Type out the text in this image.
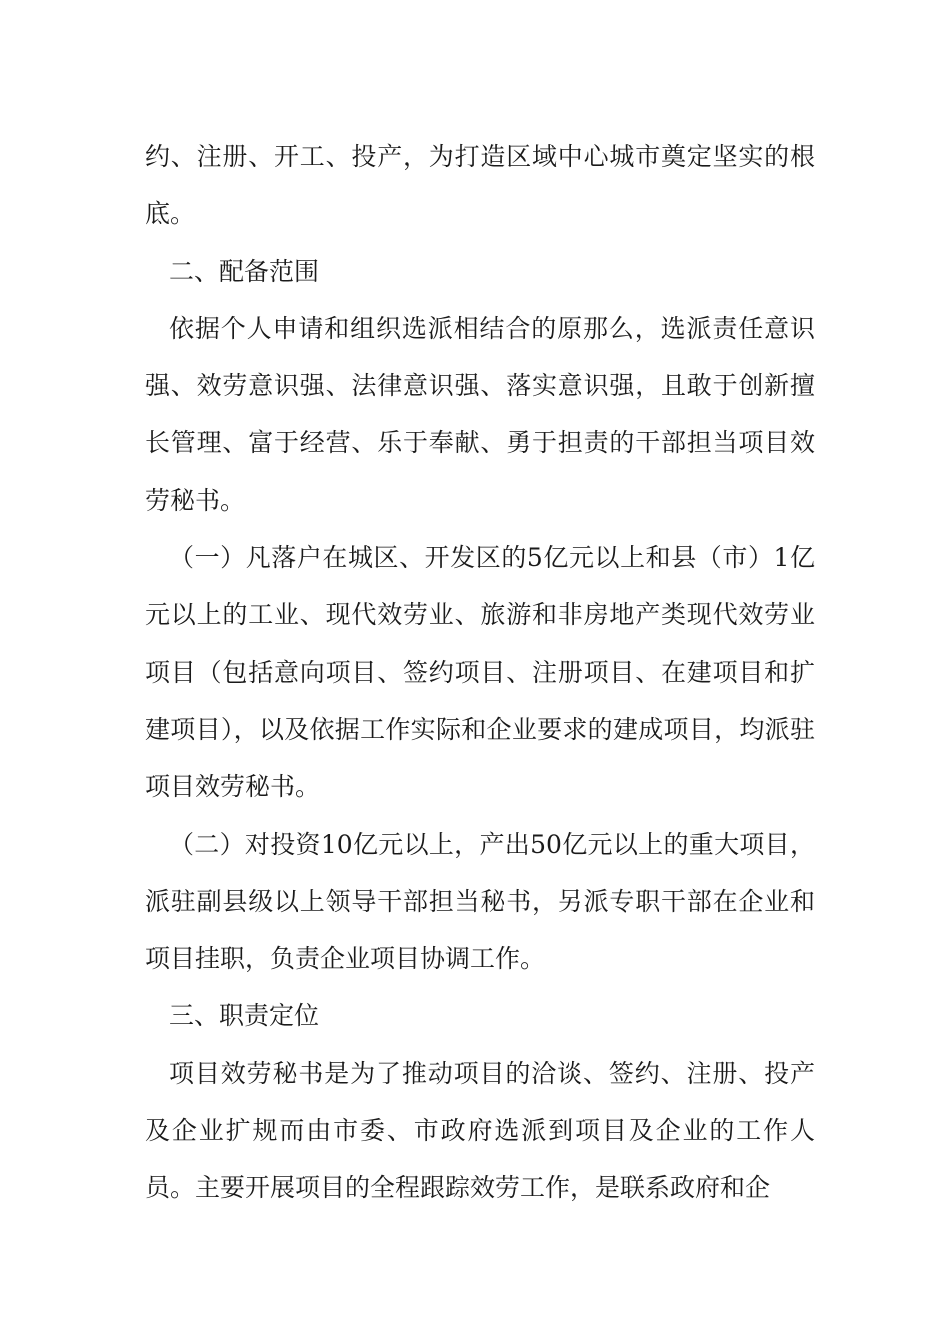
约、注册、开工、投产，为打造区域中心城市奠定坚实的根底。

二、配备范围

依据个人申请和组织选派相结合的原那么，选派责任意识强、效劳意识强、法律意识强、落实意识强，且敢于创新擅长管理、富于经营、乐于奉献、勇于担责的干部担当项目效劳秘书。

（一）凡落户在城区、开发区的5亿元以上和县（市）1亿元以上的工业、现代效劳业、旅游和非房地产类现代效劳业项目（包括意向项目、签约项目、注册项目、在建项目和扩建项目），以及依据工作实际和企业要求的建成项目，均派驻项目效劳秘书。

（二）对投资10亿元以上，产出50亿元以上的重大项目，派驻副县级以上领导干部担当秘书，另派专职干部在企业和项目挂职，负责企业项目协调工作。

三、职责定位

项目效劳秘书是为了推动项目的洽谈、签约、注册、投产及企业扩规而由市委、市政府选派到项目及企业的工作人员。主要开展项目的全程跟踪效劳工作，是联系政府和企
